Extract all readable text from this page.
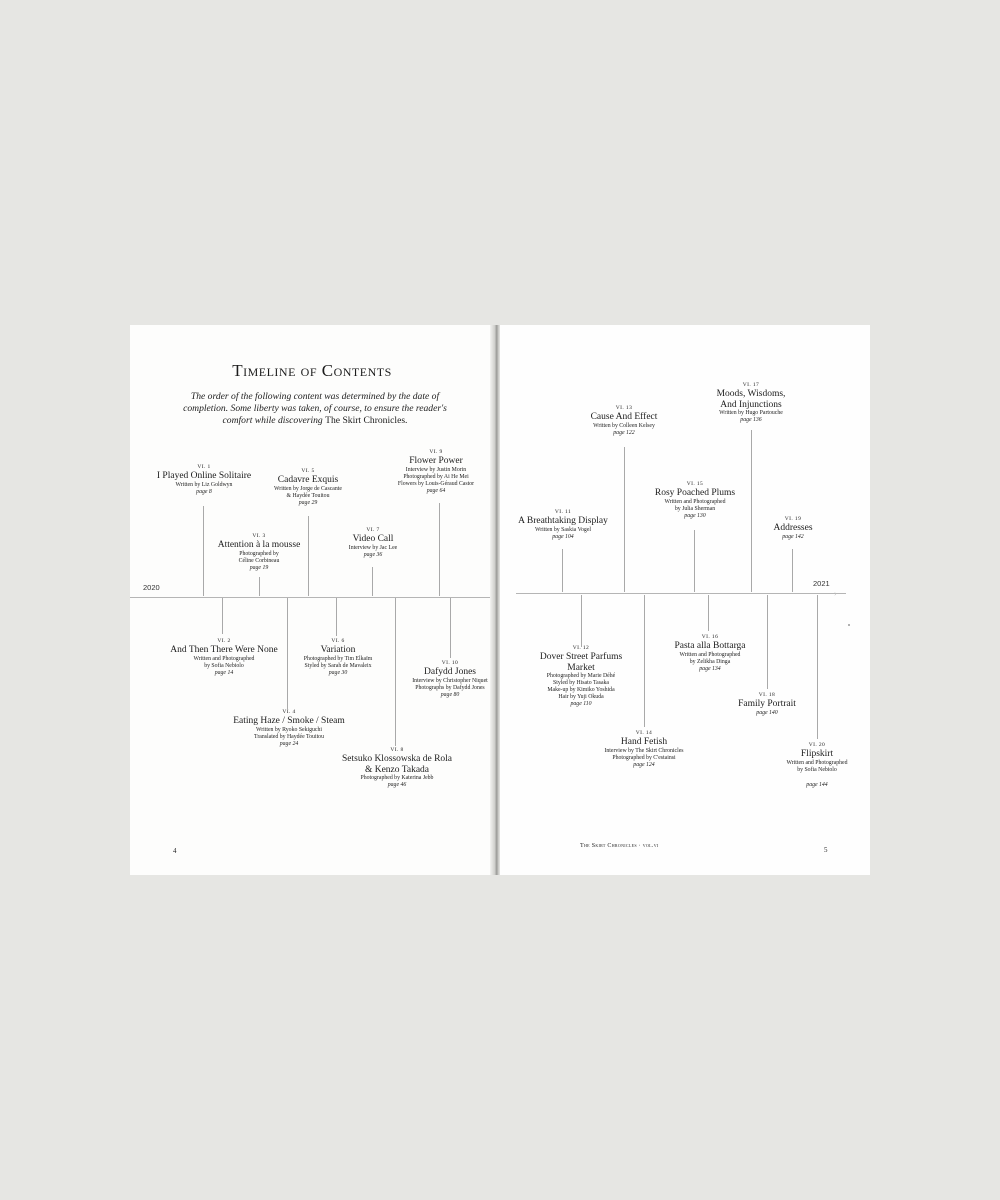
Timeline of Contents
The order of the following content was determined by the date of completion. Some liberty was taken, of course, to ensure the reader's comfort while discovering The Skirt Chronicles.
2020
4
›
2021
The Skirt Chronicles · vol.vi	5
VI. 1
I Played Online Solitaire
Written by Liz Goldwyn
page 8
VI. 2
And Then There Were None
Written and Photographed
by Sofia Nebiolo
page 14
VI. 3
Attention à la mousse
Photographed by
Céline Corbineau
page 19
VI. 4
Eating Haze / Smoke / Steam
Written by Ryoko Sekiguchi
Translated by Haydée Touitou
page 24
VI. 5
Cadavre Exquis
Written by Jorge de Cascante
& Haydée Touitou
page 29
VI. 6
Variation
Photographed by Tim Elkaïm
Styled by Sarah de Mavaleix
page 30
VI. 7
Video Call
Interview by Jac Lee
page 36
VI. 8
Setsuko Klossowska de Rola
& Kenzo Takada
Photographed by Katerina Jebb
page 46
VI. 9
Flower Power
Interview by Justin Morin
Photographed by Ai He Mei
Flowers by Louis-Géraud Castor
page 64
VI. 10
Dafydd Jones
Interview by Christopher Niquet
Photographs by Dafydd Jones
page 80
VI. 11
A Breathtaking Display
Written by Saskia Vogel
page 104
VI. 12
Dover Street Parfums
Market
Photographed by Marie Déhé
Styled by Hisato Tasaka
Make-up by Kimiko Yoshida
Hair by Yuji Okuda
page 110
VI. 13
Cause And Effect
Written by Colleen Kelsey
page 122
VI. 14
Hand Fetish
Interview by The Skirt Chronicles
Photographed by C'estainsi
page 124
VI. 15
Rosy Poached Plums
Written and Photographed
by Julia Sherman
page 130
VI. 16
Pasta alla Bottarga
Written and Photographed
by Zelikha Dinga
page 134
VI. 17
Moods, Wisdoms,
And Injunctions
Written by Hugo Partouche
page 136
VI. 18
Family Portrait
page 140
VI. 19
Addresses
page 142
VI. 20
Flipskirt
Written and Photographed
by Sofia Nebiolo
page 144
